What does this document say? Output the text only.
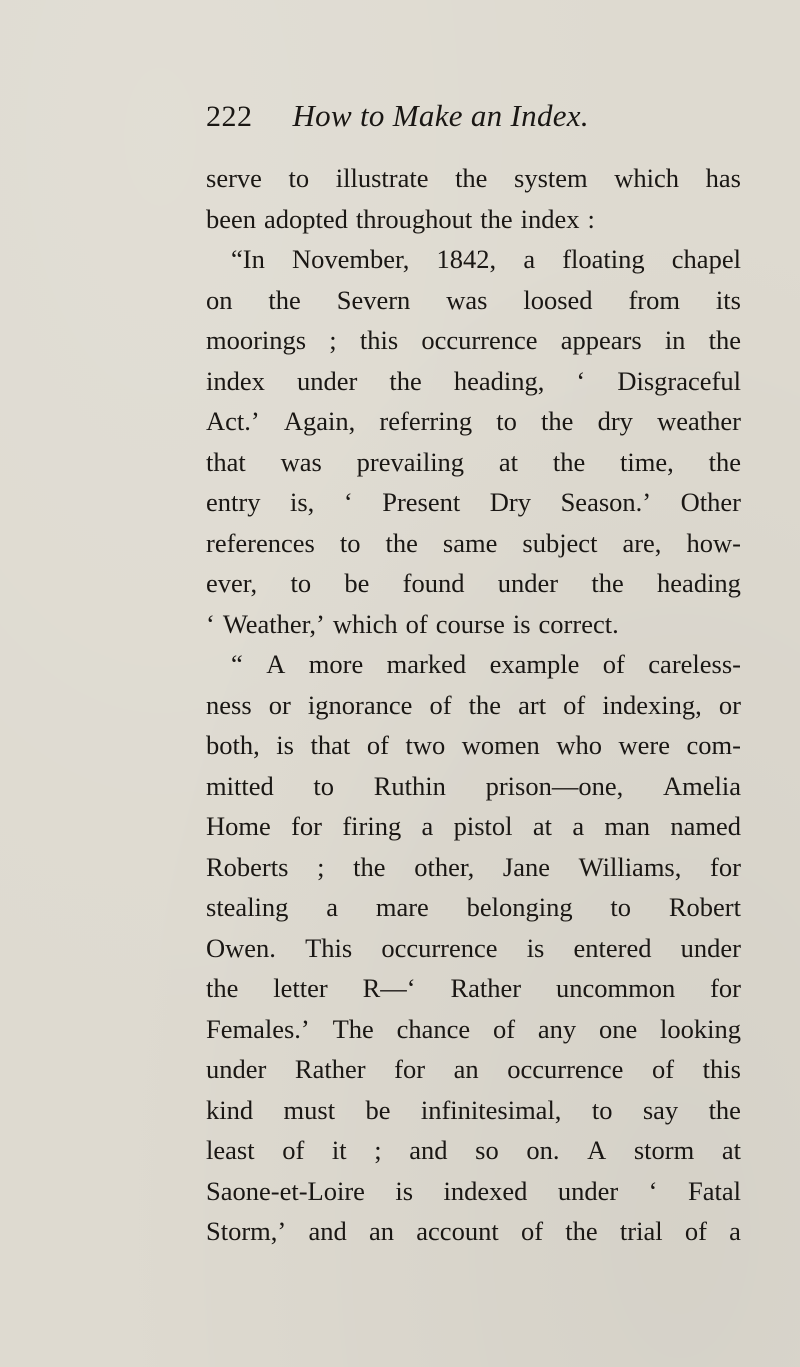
222 How to Make an Index.
serve to illustrate the system which has
been adopted throughout the index :
“In November, 1842, a floating chapel
on the Severn was loosed from its
moorings ; this occurrence appears in the
index under the heading, ‘ Disgraceful
Act.’ Again, referring to the dry weather
that was prevailing at the time, the
entry is, ‘ Present Dry Season.’ Other
references to the same subject are, how-
ever, to be found under the heading
‘ Weather,’ which of course is correct.
“ A more marked example of careless-
ness or ignorance of the art of indexing, or
both, is that of two women who were com-
mitted to Ruthin prison—one, Amelia
Home for firing a pistol at a man named
Roberts ; the other, Jane Williams, for
stealing a mare belonging to Robert
Owen. This occurrence is entered under
the letter R—‘ Rather uncommon for
Females.’ The chance of any one looking
under Rather for an occurrence of this
kind must be infinitesimal, to say the
least of it ; and so on. A storm at
Saone-et-Loire is indexed under ‘ Fatal
Storm,’ and an account of the trial of a
